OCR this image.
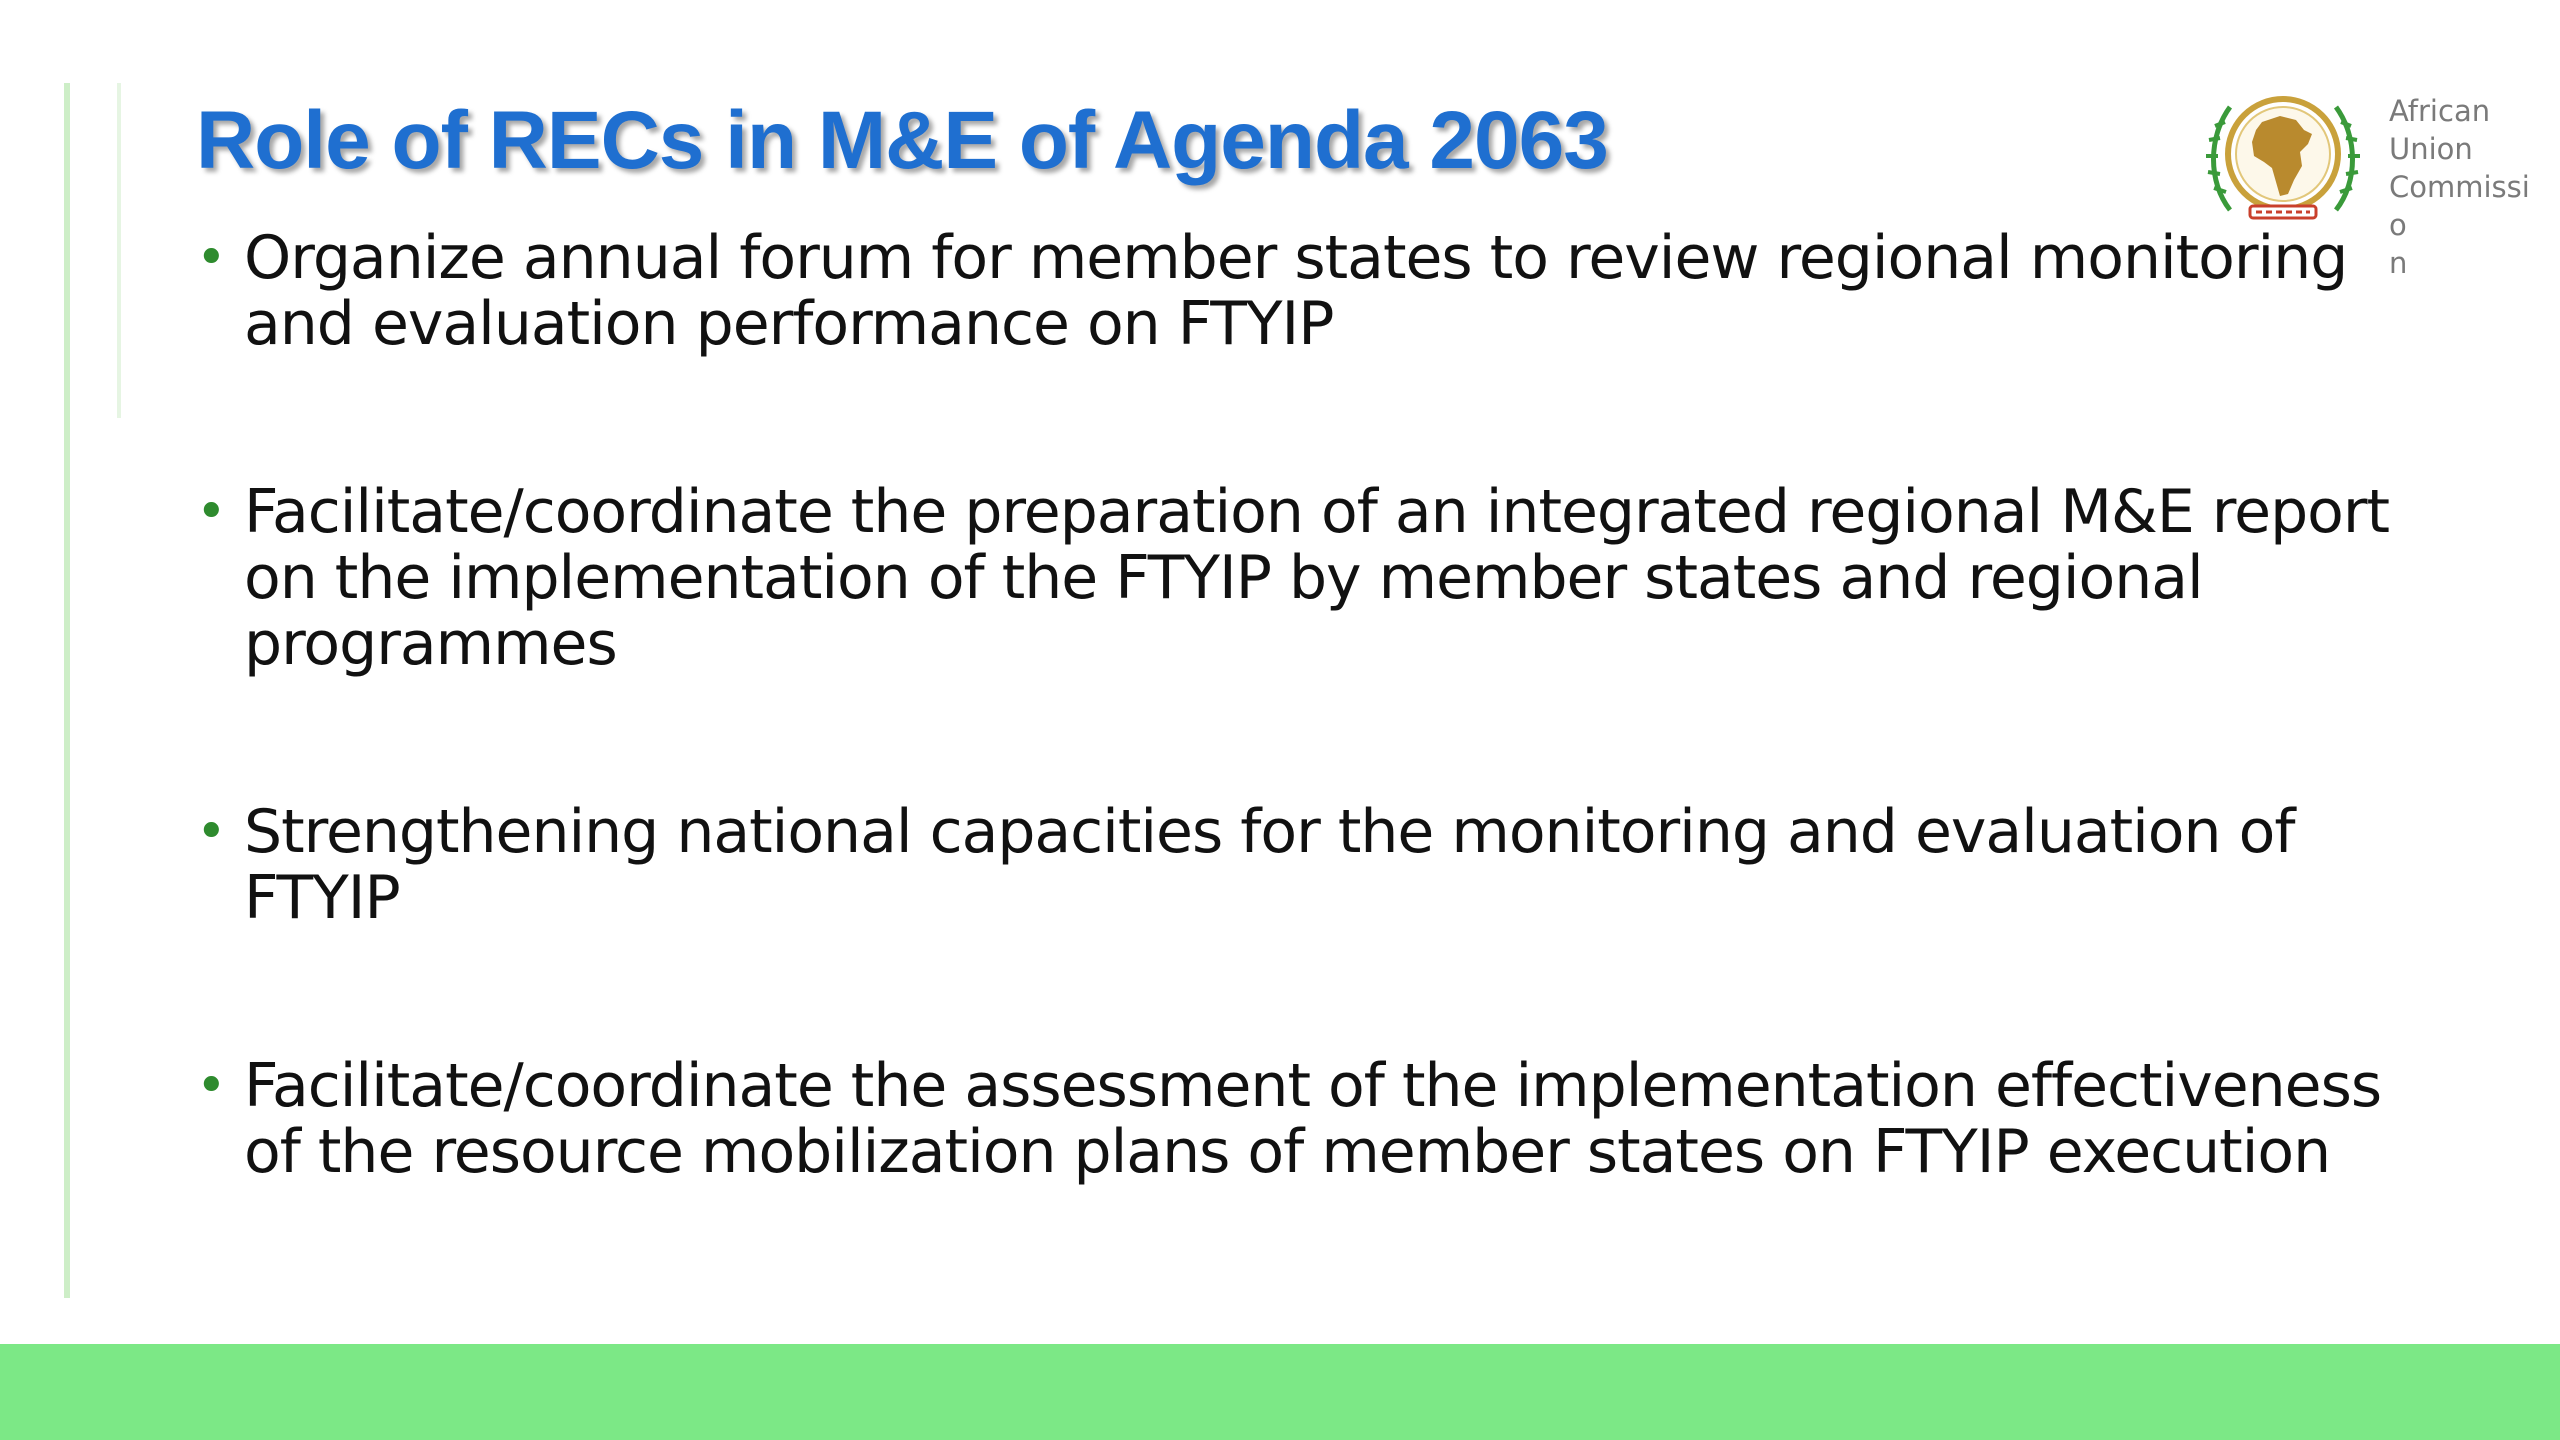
Role of RECs in M&E of Agenda 2063	African
Union
Commissio
n
• Organize annual forum for member states to review regional monitoring and evaluation performance on FTYIP
• Facilitate/coordinate the preparation of an integrated regional M&E report on the implementation of the FTYIP by member states and regional programmes
• Strengthening national capacities for the monitoring and evaluation of FTYIP
• Facilitate/coordinate the assessment of the implementation effectiveness of the resource mobilization plans of member states on FTYIP execution
